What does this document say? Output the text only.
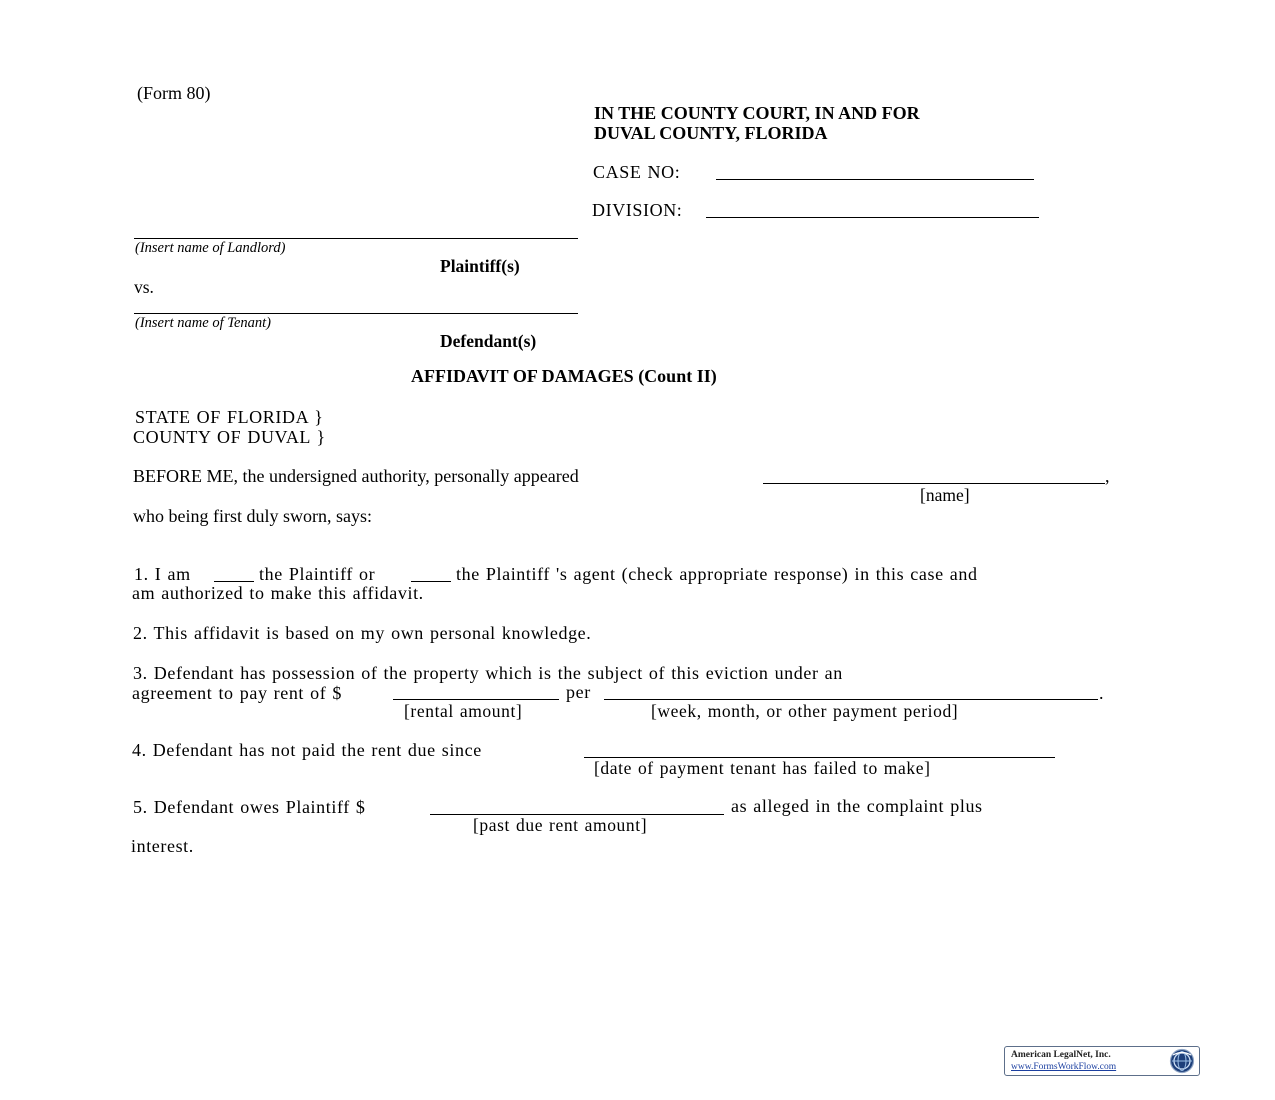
(Form 80)
IN THE COUNTY COURT, IN AND FOR
DUVAL COUNTY, FLORIDA
CASE NO:
DIVISION:
(Insert name of Landlord)
Plaintiff(s)
vs.
(Insert name of Tenant)
Defendant(s)
AFFIDAVIT OF DAMAGES (Count II)
STATE OF FLORIDA }
COUNTY OF DUVAL }
BEFORE ME, the undersigned authority, personally appeared	,
[name]
who being first duly sworn, says:
1. I am	the Plaintiff or	the Plaintiff 's agent (check appropriate response) in this case and
am authorized to make this affidavit.
2. This affidavit is based on my own personal knowledge.
3. Defendant has possession of the property which is the subject of this eviction under an
agreement to pay rent of $	per	.
[rental amount]	[week, month, or other payment period]
4. Defendant has not paid the rent due since
[date of payment tenant has failed to make]
5. Defendant owes Plaintiff $	as alleged in the complaint plus
[past due rent amount]
interest.
American LegalNet, Inc.
www.FormsWorkFlow.com
